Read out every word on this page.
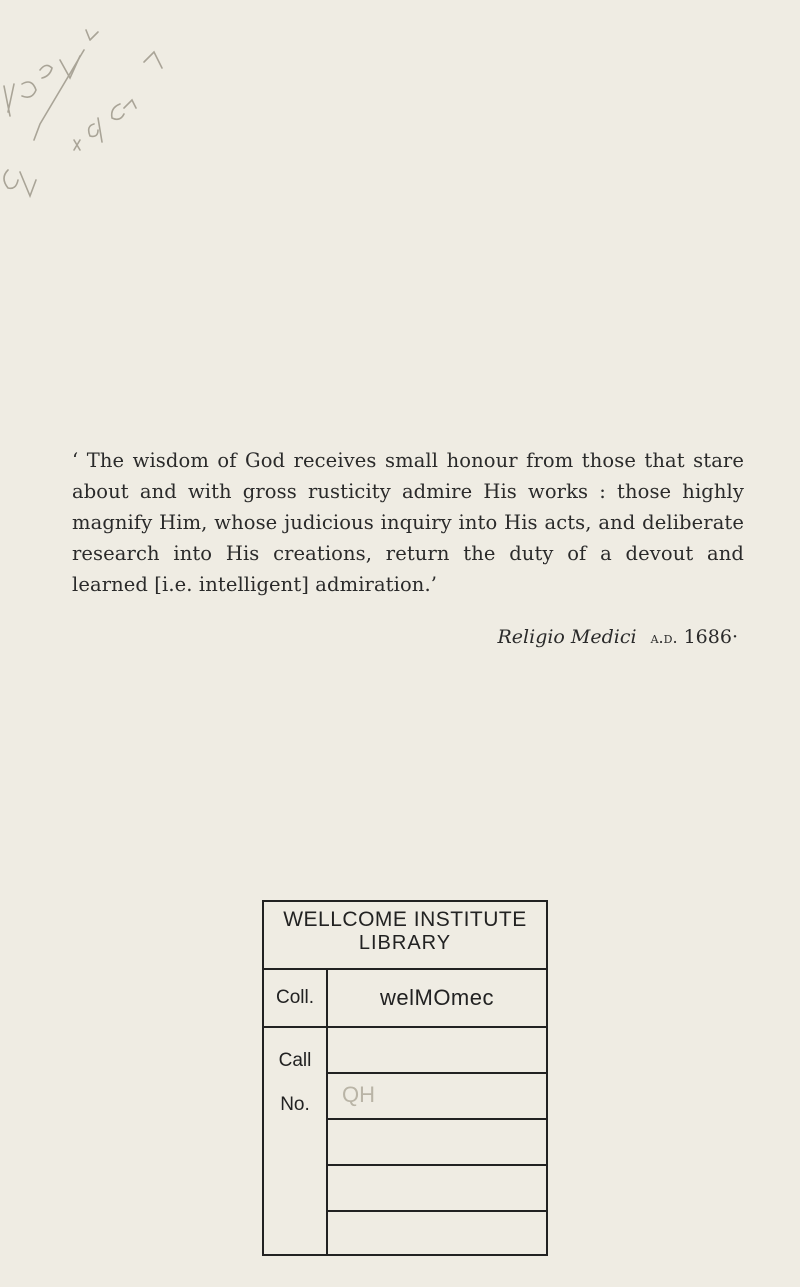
‘ The wisdom of God receives small honour from those that stare about and with gross rusticity admire His works : those highly magnify Him, whose judicious inquiry into His acts, and deliberate research into His creations, return the duty of a devout and learned [i.e. intelligent] admiration.’
Religio Medici a.d. 1686·
WELLCOME INSTITUTE
LIBRARY
Coll.	welMOmec
Call
No.	QH
